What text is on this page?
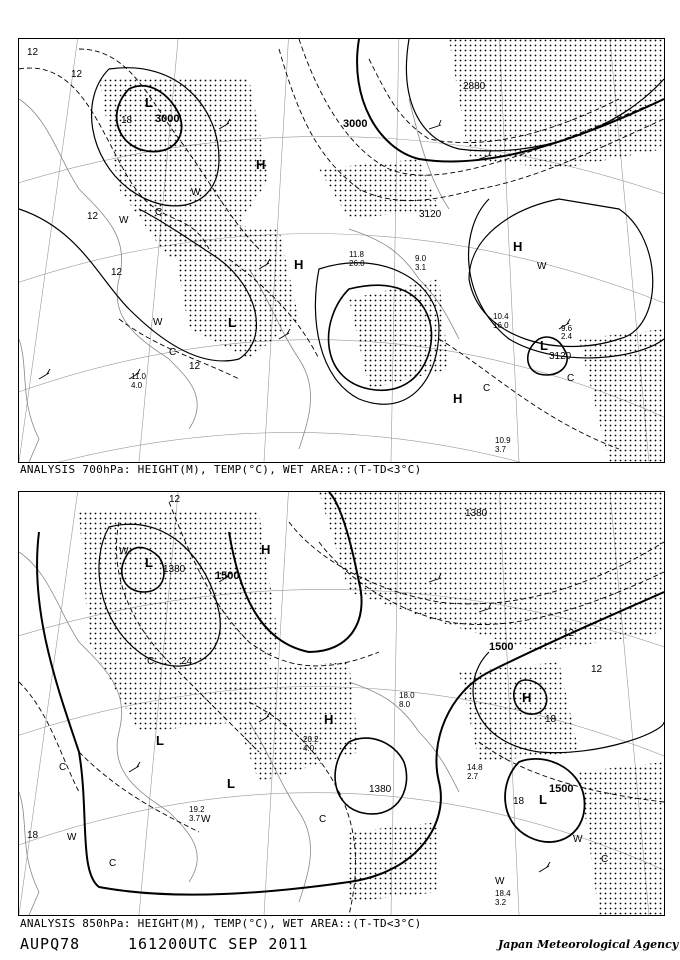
3000	3000
3120
3120
2880
12
12
12
12
18
12
L
L
L
H
H
H
H
W
W
W
W
C
C
C
C
10.9
3.7
10.4
16.0	9.6
2.4
11.0
4.0
11.8
26.0
9.0
3.1
ANALYSIS 700hPa: HEIGHT(M), TEMP(°C), WET AREA::(T-TD<3°C)
1500
1380
1500
1500
1380
1380
12
24
18
18
12
12
18
L
L
L
L
H
H
H
W
W
W	W
W
C
C
C	C
C
18.4
3.2
14.8
2.7
19.2
3.7
20.2
4.0
18.0
8.0
ANALYSIS 850hPa: HEIGHT(M), TEMP(°C), WET AREA::(T-TD<3°C)
AUPQ78	161200UTC SEP 2011	Japan Meteorological Agency
